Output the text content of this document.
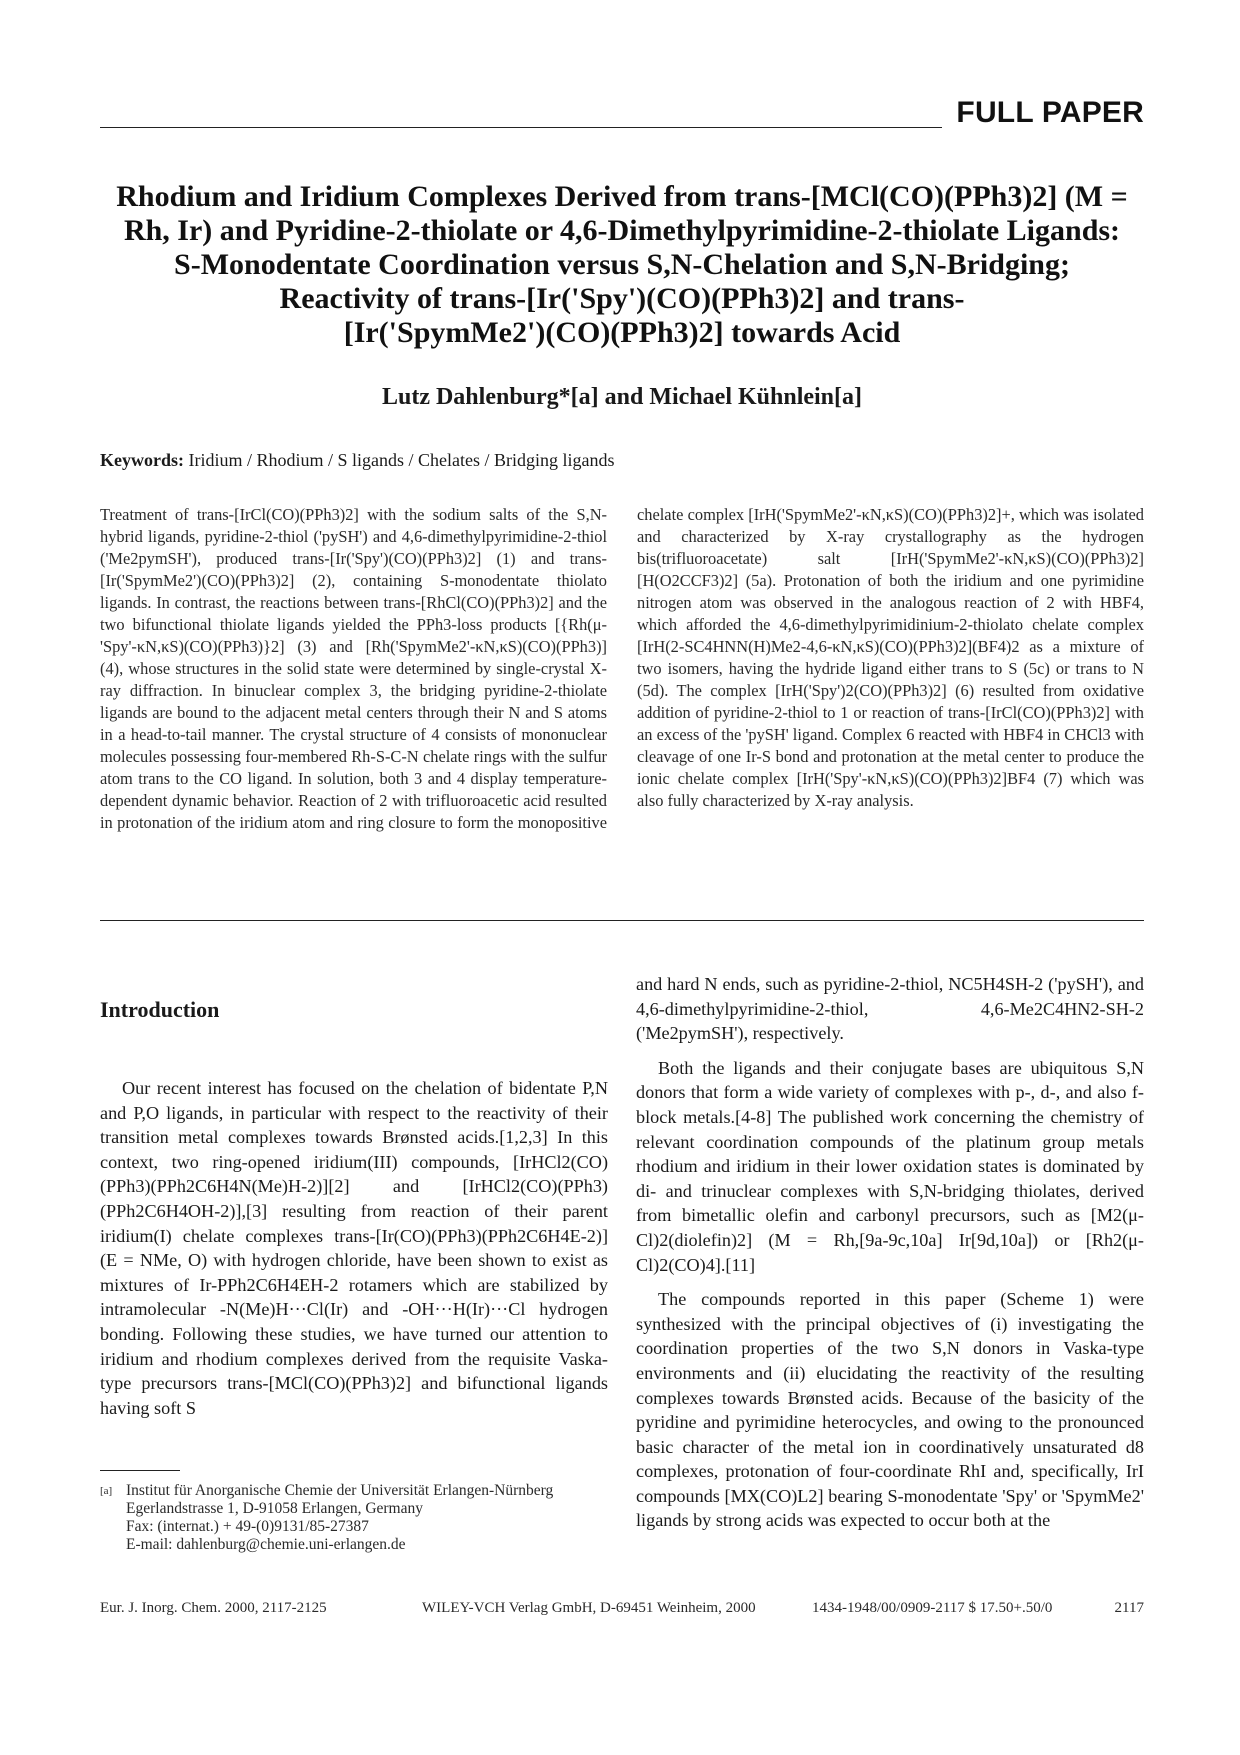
FULL PAPER
Rhodium and Iridium Complexes Derived from trans-[MCl(CO)(PPh3)2] (M =
Rh, Ir) and Pyridine-2-thiolate or 4,6-Dimethylpyrimidine-2-thiolate Ligands:
S-Monodentate Coordination versus S,N-Chelation and S,N-Bridging;
Reactivity of trans-[Ir('Spy')(CO)(PPh3)2] and trans-
[Ir('SpymMe2')(CO)(PPh3)2] towards Acid
Lutz Dahlenburg*[a] and Michael Kühnlein[a]
Keywords: Iridium / Rhodium / S ligands / Chelates / Bridging ligands
Treatment of trans-[IrCl(CO)(PPh3)2] with the sodium salts of the S,N-hybrid ligands, pyridine-2-thiol ('pySH') and 4,6-dimethylpyrimidine-2-thiol ('Me2pymSH'), produced trans-[Ir('Spy')(CO)(PPh3)2] (1) and trans-[Ir('SpymMe2')(CO)(PPh3)2] (2), containing S-monodentate thiolato ligands. In contrast, the reactions between trans-[RhCl(CO)(PPh3)2] and the two bifunctional thiolate ligands yielded the PPh3-loss products [{Rh(μ-'Spy'-κN,κS)(CO)(PPh3)}2] (3) and [Rh('SpymMe2'-κN,κS)(CO)(PPh3)] (4), whose structures in the solid state were determined by single-crystal X-ray diffraction. In binuclear complex 3, the bridging pyridine-2-thiolate ligands are bound to the adjacent metal centers through their N and S atoms in a head-to-tail manner. The crystal structure of 4 consists of mononuclear molecules possessing four-membered Rh-S-C-N chelate rings with the sulfur atom trans to the CO ligand. In solution, both 3 and 4 display temperature-dependent dynamic behavior. Reaction of 2 with trifluoroacetic acid resulted in protonation of the iridium atom and ring closure to form the monopositive chelate complex [IrH('SpymMe2'-κN,κS)(CO)(PPh3)2]+, which was isolated and characterized by X-ray crystallography as the hydrogen bis(trifluoroacetate) salt [IrH('SpymMe2'-κN,κS)(CO)(PPh3)2][H(O2CCF3)2] (5a). Protonation of both the iridium and one pyrimidine nitrogen atom was observed in the analogous reaction of 2 with HBF4, which afforded the 4,6-dimethylpyrimidinium-2-thiolato chelate complex [IrH(2-SC4HNN(H)Me2-4,6-κN,κS)(CO)(PPh3)2](BF4)2 as a mixture of two isomers, having the hydride ligand either trans to S (5c) or trans to N (5d). The complex [IrH('Spy')2(CO)(PPh3)2] (6) resulted from oxidative addition of pyridine-2-thiol to 1 or reaction of trans-[IrCl(CO)(PPh3)2] with an excess of the 'pySH' ligand. Complex 6 reacted with HBF4 in CHCl3 with cleavage of one Ir-S bond and protonation at the metal center to produce the ionic chelate complex [IrH('Spy'-κN,κS)(CO)(PPh3)2]BF4 (7) which was also fully characterized by X-ray analysis.
Introduction

Our recent interest has focused on the chelation of bidentate P,N and P,O ligands, in particular with respect to the reactivity of their transition metal complexes towards Brønsted acids.[1,2,3] In this context, two ring-opened iridium(III) compounds, [IrHCl2(CO)(PPh3)(PPh2C6H4N(Me)H-2)][2] and [IrHCl2(CO)(PPh3)(PPh2C6H4OH-2)],[3] resulting from reaction of their parent iridium(I) chelate complexes trans-[Ir(CO)(PPh3)(PPh2C6H4E-2)] (E = NMe, O) with hydrogen chloride, have been shown to exist as mixtures of Ir-PPh2C6H4EH-2 rotamers which are stabilized by intramolecular -N(Me)H···Cl(Ir) and -OH···H(Ir)···Cl hydrogen bonding. Following these studies, we have turned our attention to iridium and rhodium complexes derived from the requisite Vaska-type precursors trans-[MCl(CO)(PPh3)2] and bifunctional ligands having soft S

and hard N ends, such as pyridine-2-thiol, NC5H4SH-2 ('pySH'), and 4,6-dimethylpyrimidine-2-thiol, 4,6-Me2C4HN2-SH-2 ('Me2pymSH'), respectively.

Both the ligands and their conjugate bases are ubiquitous S,N donors that form a wide variety of complexes with p-, d-, and also f-block metals.[4-8] The published work concerning the chemistry of relevant coordination compounds of the platinum group metals rhodium and iridium in their lower oxidation states is dominated by di- and trinuclear complexes with S,N-bridging thiolates, derived from bimetallic olefin and carbonyl precursors, such as [M2(μ-Cl)2(diolefin)2] (M = Rh,[9a-9c,10a] Ir[9d,10a]) or [Rh2(μ-Cl)2(CO)4].[11]

The compounds reported in this paper (Scheme 1) were synthesized with the principal objectives of (i) investigating the coordination properties of the two S,N donors in Vaska-type environments and (ii) elucidating the reactivity of the resulting complexes towards Brønsted acids. Because of the basicity of the pyridine and pyrimidine heterocycles, and owing to the pronounced basic character of the metal ion in coordinatively unsaturated d8 complexes, protonation of four-coordinate RhI and, specifically, IrI compounds [MX(CO)L2] bearing S-monodentate 'Spy' or 'SpymMe2' ligands by strong acids was expected to occur both at the

[a] Institut für Anorganische Chemie der Universität Erlangen-Nürnberg
Egerlandstrasse 1, D-91058 Erlangen, Germany
Fax: (internat.) + 49-(0)9131/85-27387
E-mail: dahlenburg@chemie.uni-erlangen.de
Eur. J. Inorg. Chem. 2000, 2117-2125	WILEY-VCH Verlag GmbH, D-69451 Weinheim, 2000	1434-1948/00/0909-2117 $ 17.50+.50/0	2117
